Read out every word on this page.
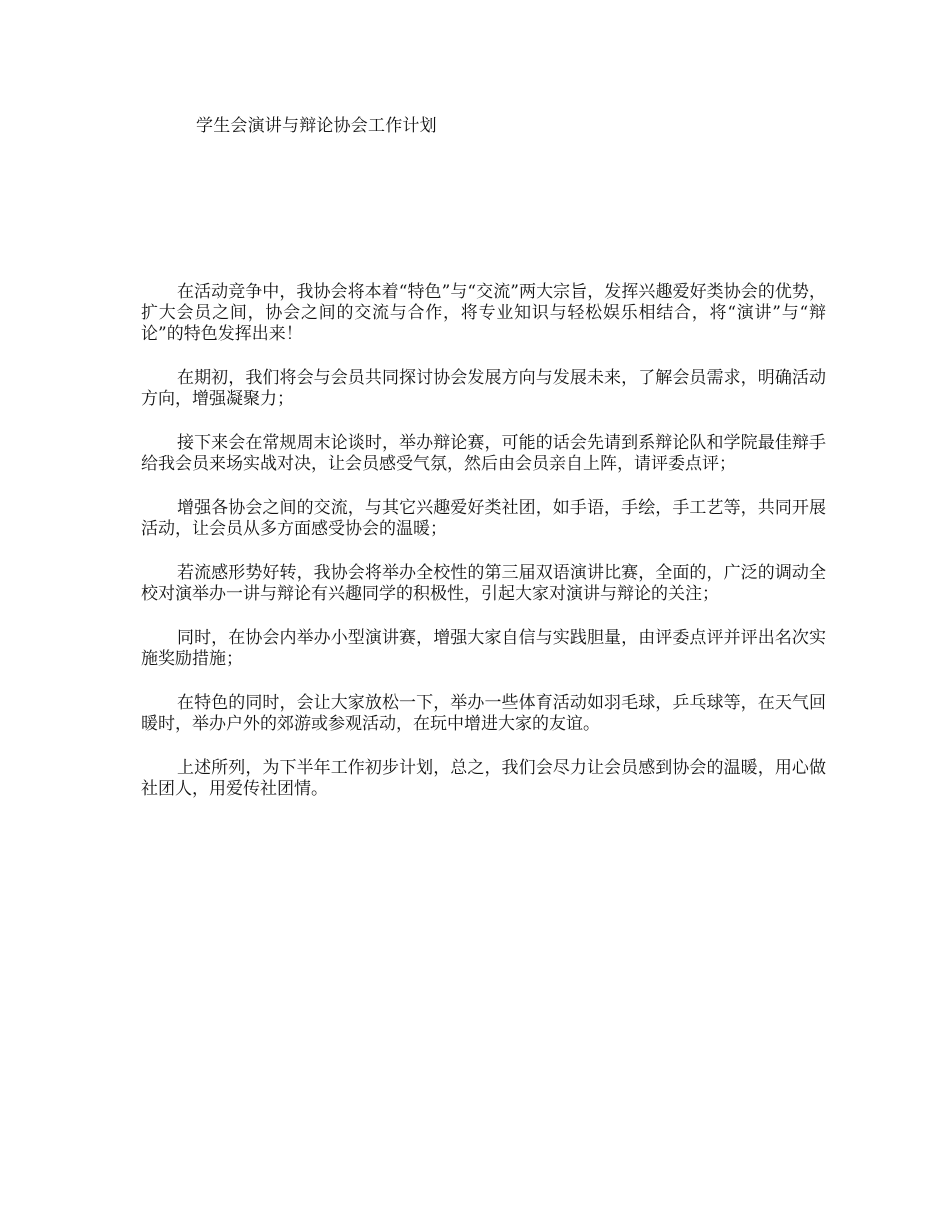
学生会演讲与辩论协会工作计划

在活动竞争中，我协会将本着“特色”与“交流”两大宗旨，发挥兴趣爱好类协会的优势，扩大会员之间，协会之间的交流与合作，将专业知识与轻松娱乐相结合，将“演讲”与“辩论”的特色发挥出来！

在期初，我们将会与会员共同探讨协会发展方向与发展未来，了解会员需求，明确活动方向，增强凝聚力；

接下来会在常规周末论谈时，举办辩论赛，可能的话会先请到系辩论队和学院最佳辩手给我会员来场实战对决，让会员感受气氛，然后由会员亲自上阵，请评委点评；

增强各协会之间的交流，与其它兴趣爱好类社团，如手语，手绘，手工艺等，共同开展活动，让会员从多方面感受协会的温暖；

若流感形势好转，我协会将举办全校性的第三届双语演讲比赛，全面的，广泛的调动全校对演举办一讲与辩论有兴趣同学的积极性，引起大家对演讲与辩论的关注；

同时，在协会内举办小型演讲赛，增强大家自信与实践胆量，由评委点评并评出名次实施奖励措施；

在特色的同时，会让大家放松一下，举办一些体育活动如羽毛球，乒乓球等，在天气回暖时，举办户外的郊游或参观活动，在玩中增进大家的友谊。

上述所列，为下半年工作初步计划，总之，我们会尽力让会员感到协会的温暖，用心做社团人，用爱传社团情。
